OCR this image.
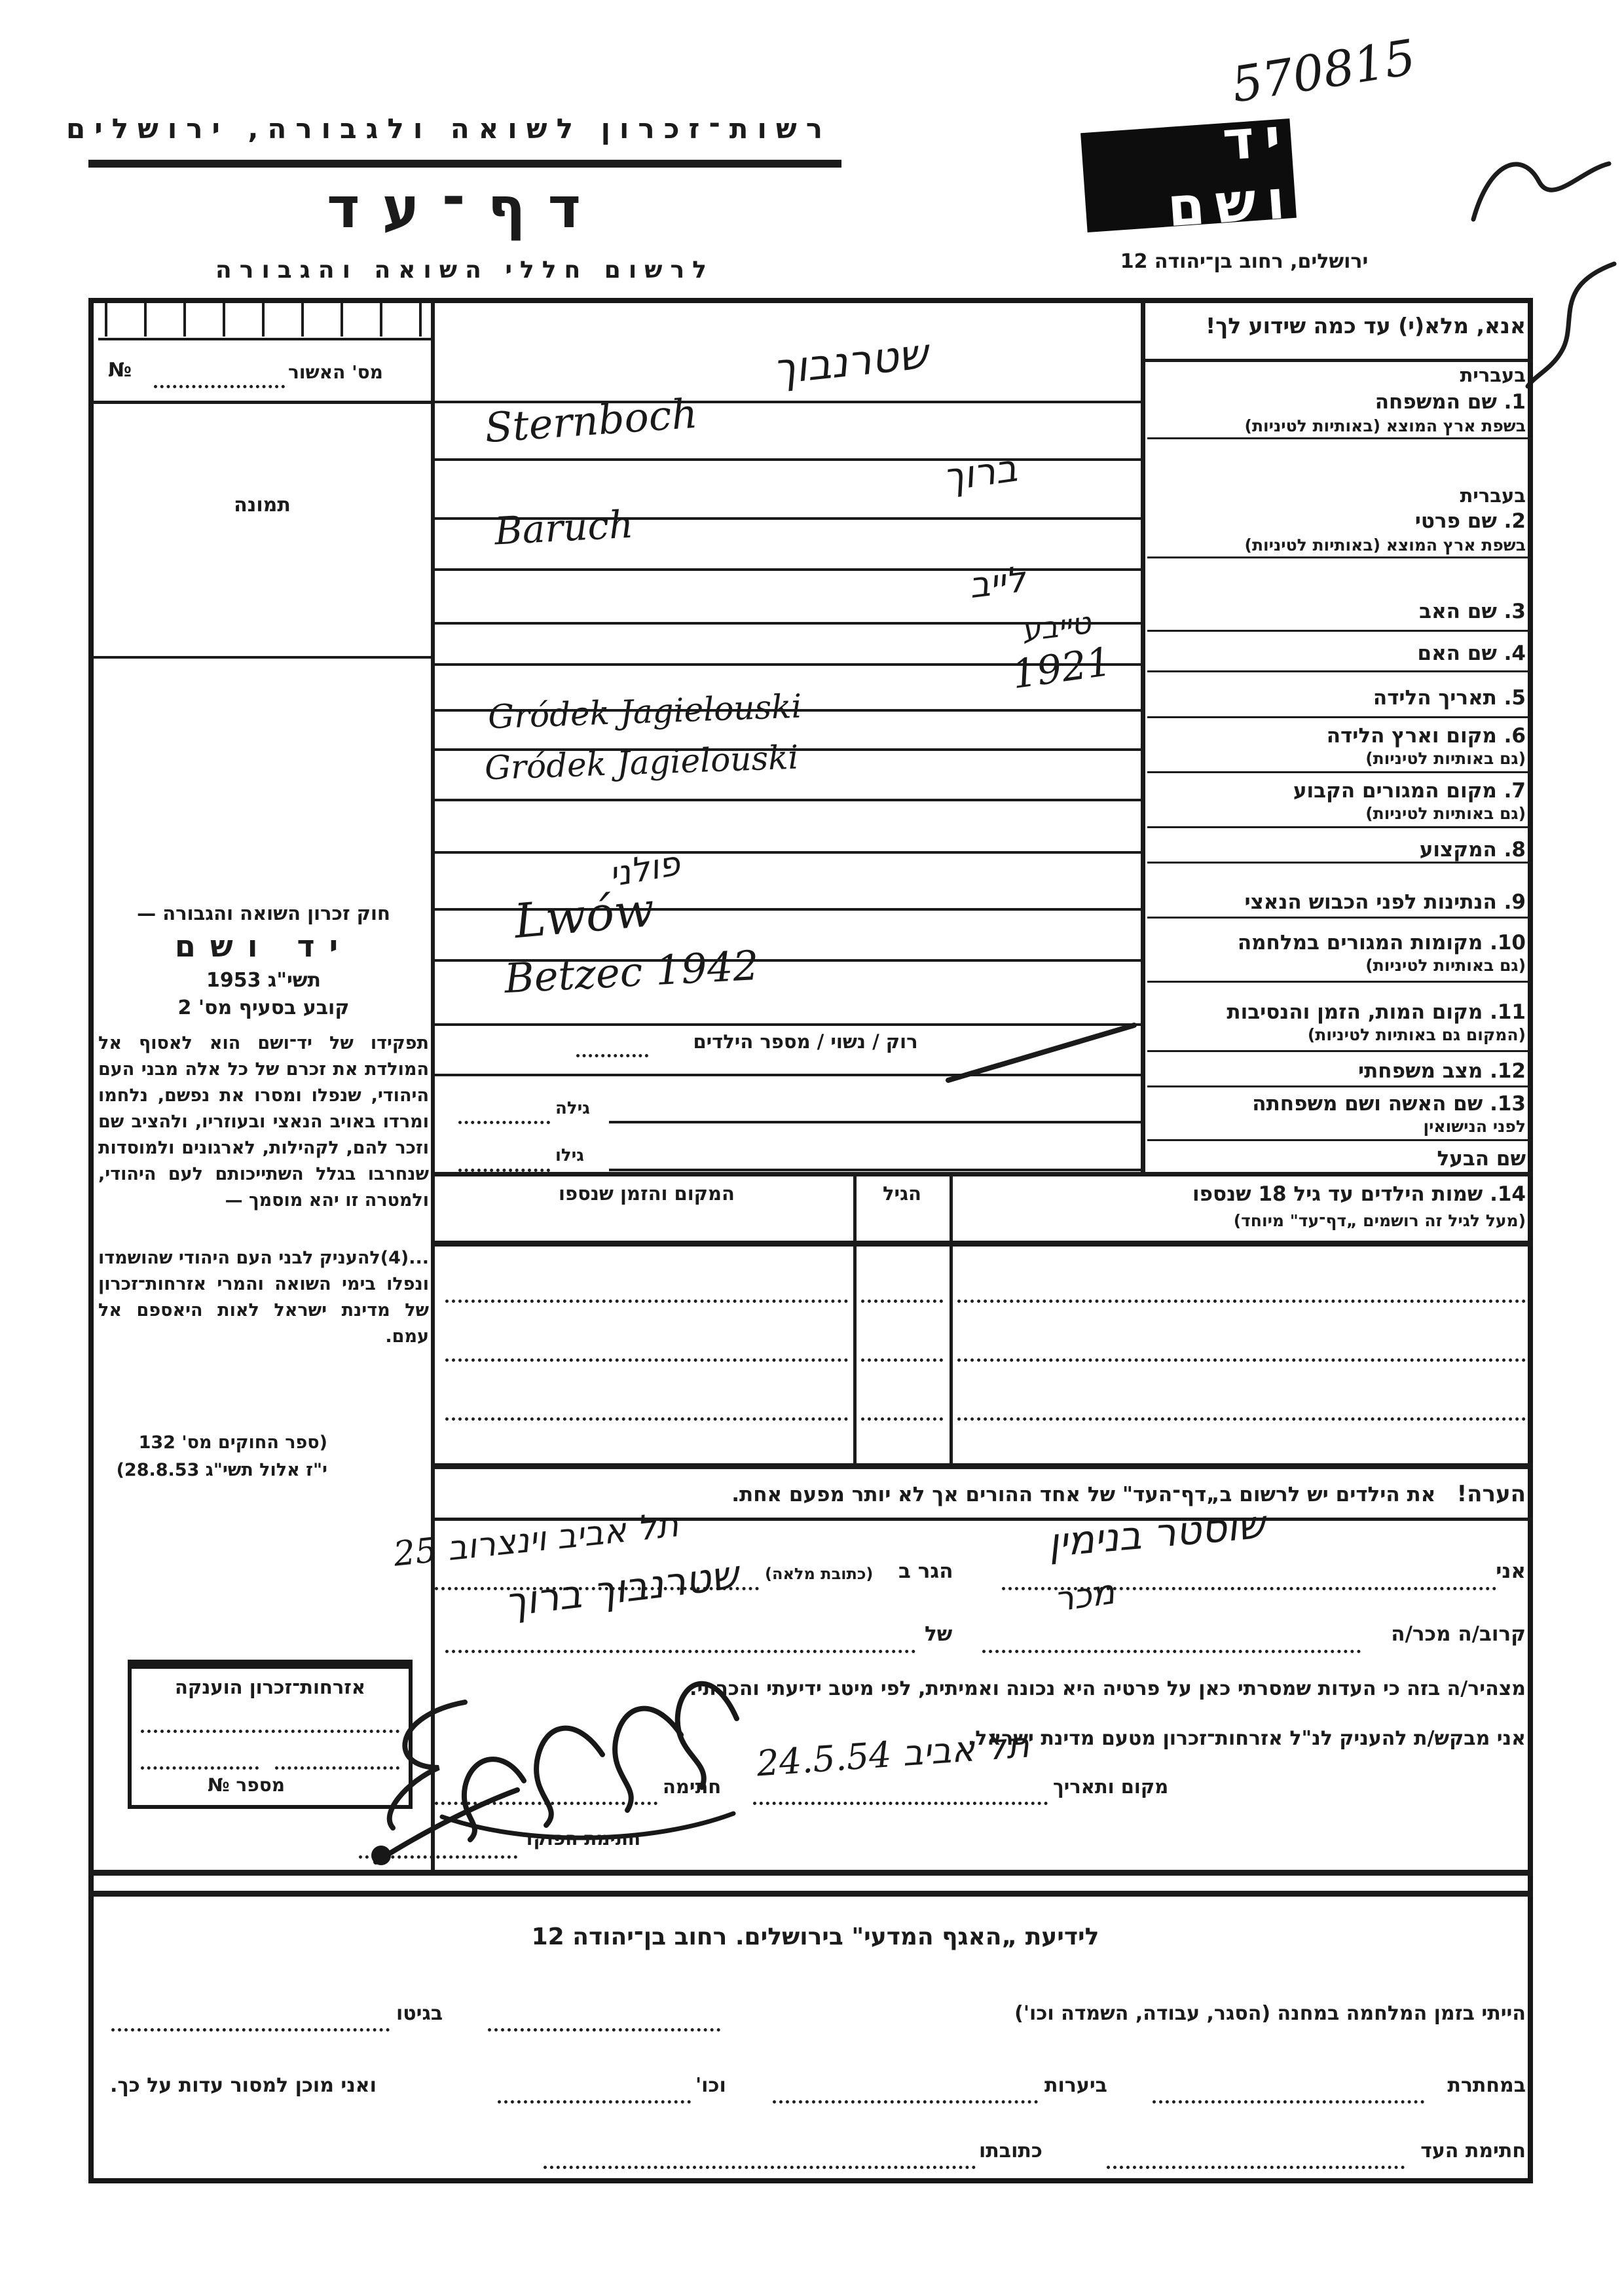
רשות־זכרון לשואה ולגבורה, ירושלים
דף־עד
לרשום חללי השואה והגבורה
570815
יד ושם
ירושלים, רחוב בן־יהודה 12
אנא, מלא(י) עד כמה שידוע לך!
מס' האשור
№
תמונה
חוק זכרון השואה והגבורה —
יד ושם
תשי"ג 1953
קובע בסעיף מס' 2
תפקידו של יד־ושם הוא לאסוף אל המולדת את זכרם של כל אלה מבני העם היהודי, שנפלו ומסרו את נפשם, נלחמו ומרדו באויב הנאצי ובעוזריו, ולהציב שם וזכר להם, לקהילות, לארגונים ולמוסדות שנחרבו בגלל השתייכותם לעם היהודי, ולמטרה זו יהא מוסמך —
...(4)להעניק לבני העם היהודי שהושמדו ונפלו בימי השואה והמרי אזרחות־זכרון של מדינת ישראל לאות היאספם אל עמם.
(ספר החוקים מס' 132
י"ז אלול תשי"ג 28.8.53)
אזרחות־זכרון הוענקה
מספר №
בעברית
1. שם המשפחה
בשפת ארץ המוצא (באותיות לטיניות)
בעברית
2. שם פרטי
בשפת ארץ המוצא (באותיות לטיניות)
3. שם האב
4. שם האם
5. תאריך הלידה
6. מקום וארץ הלידה
(גם באותיות לטיניות)
7. מקום המגורים הקבוע
(גם באותיות לטיניות)
8. המקצוע
9. הנתינות לפני הכבוש הנאצי
10. מקומות המגורים במלחמה
(גם באותיות לטיניות)
11. מקום המות, הזמן והנסיבות
(המקום גם באותיות לטיניות)
12. מצב משפחתי
13. שם האשה ושם משפחתה
לפני הנישואין
שם הבעל
רוק / נשוי / מספר הילדים
גילה
גילו
שטרנבוך
Sternboch
ברוך
Baruch
לייב
טייבע
1921
Gródek Jagielouski
Gródek Jagielouski
פולני
Lwów
Betzec 1942
14. שמות הילדים עד גיל 18 שנספו
(מעל לגיל זה רושמים „דף־עד" מיוחד)
הגיל
המקום והזמן שנספו
הערה!   את הילדים יש לרשום ב„דף־העד" של אחד ההורים אך לא יותר מפעם אחת.
אני
הגר ב
(כתובת מלאה)
שוסטר בנימין
תל אביב וינצרוב 25
קרוב/ה מכר/ה
של
מכר
שטרנבוך ברוך
מצהיר/ה בזה כי העדות שמסרתי כאן על פרטיה היא נכונה ואמיתית, לפי מיטב ידיעתי והכרתי.
אני מבקש/ת להעניק לנ"ל אזרחות־זכרון מטעם מדינת ישראל.
מקום ותאריך
תל אביב 24.5.54
חתימה
חתימת הפוקד
לידיעת „האגף המדעי" בירושלים. רחוב בן־יהודה 12
הייתי בזמן המלחמה במחנה (הסגר, עבודה, השמדה וכו')
בגיטו
במחתרת
ביערות
וכו'
ואני מוכן למסור עדות על כך.
חתימת העד
כתובתו
